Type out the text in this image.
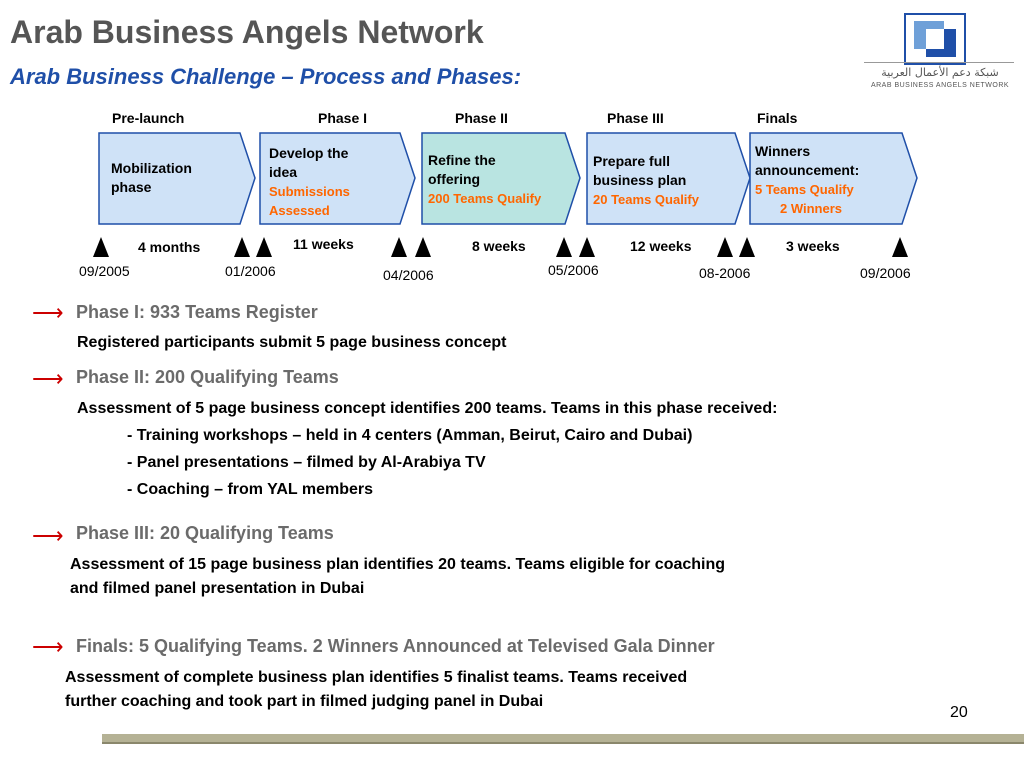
Arab Business Angels Network
Arab Business Challenge – Process and Phases:	شبكة دعم الأعمال العربية
ARAB BUSINESS ANGELS NETWORK
Pre-launch	Phase I	Phase II	Phase III	Finals
Mobilization
phase
Develop the
idea
Submissions
Assessed
Refine the
offering
200 Teams Qualify
Prepare full
business plan
20 Teams Qualify
Winners
announcement:
5 Teams Qualify
2 Winners
4 months	11 weeks	8 weeks	12 weeks	3 weeks
09/2005	01/2006	04/2006	05/2006	08-2006	09/2006
⟶ Phase I: 933 Teams Register
Registered participants submit 5 page business concept
⟶ Phase II: 200 Qualifying Teams
Assessment of 5 page business concept identifies 200 teams. Teams in this phase received:
- Training workshops – held in 4 centers (Amman, Beirut, Cairo and Dubai)
- Panel presentations – filmed by Al-Arabiya TV
- Coaching – from YAL members
⟶ Phase III: 20 Qualifying Teams
Assessment of 15 page business plan identifies 20 teams. Teams eligible for coaching
and filmed panel presentation in Dubai
⟶ Finals: 5 Qualifying Teams. 2 Winners Announced at Televised Gala Dinner
Assessment of complete business plan identifies 5 finalist teams. Teams received
further coaching and took part in filmed judging panel in Dubai
20
